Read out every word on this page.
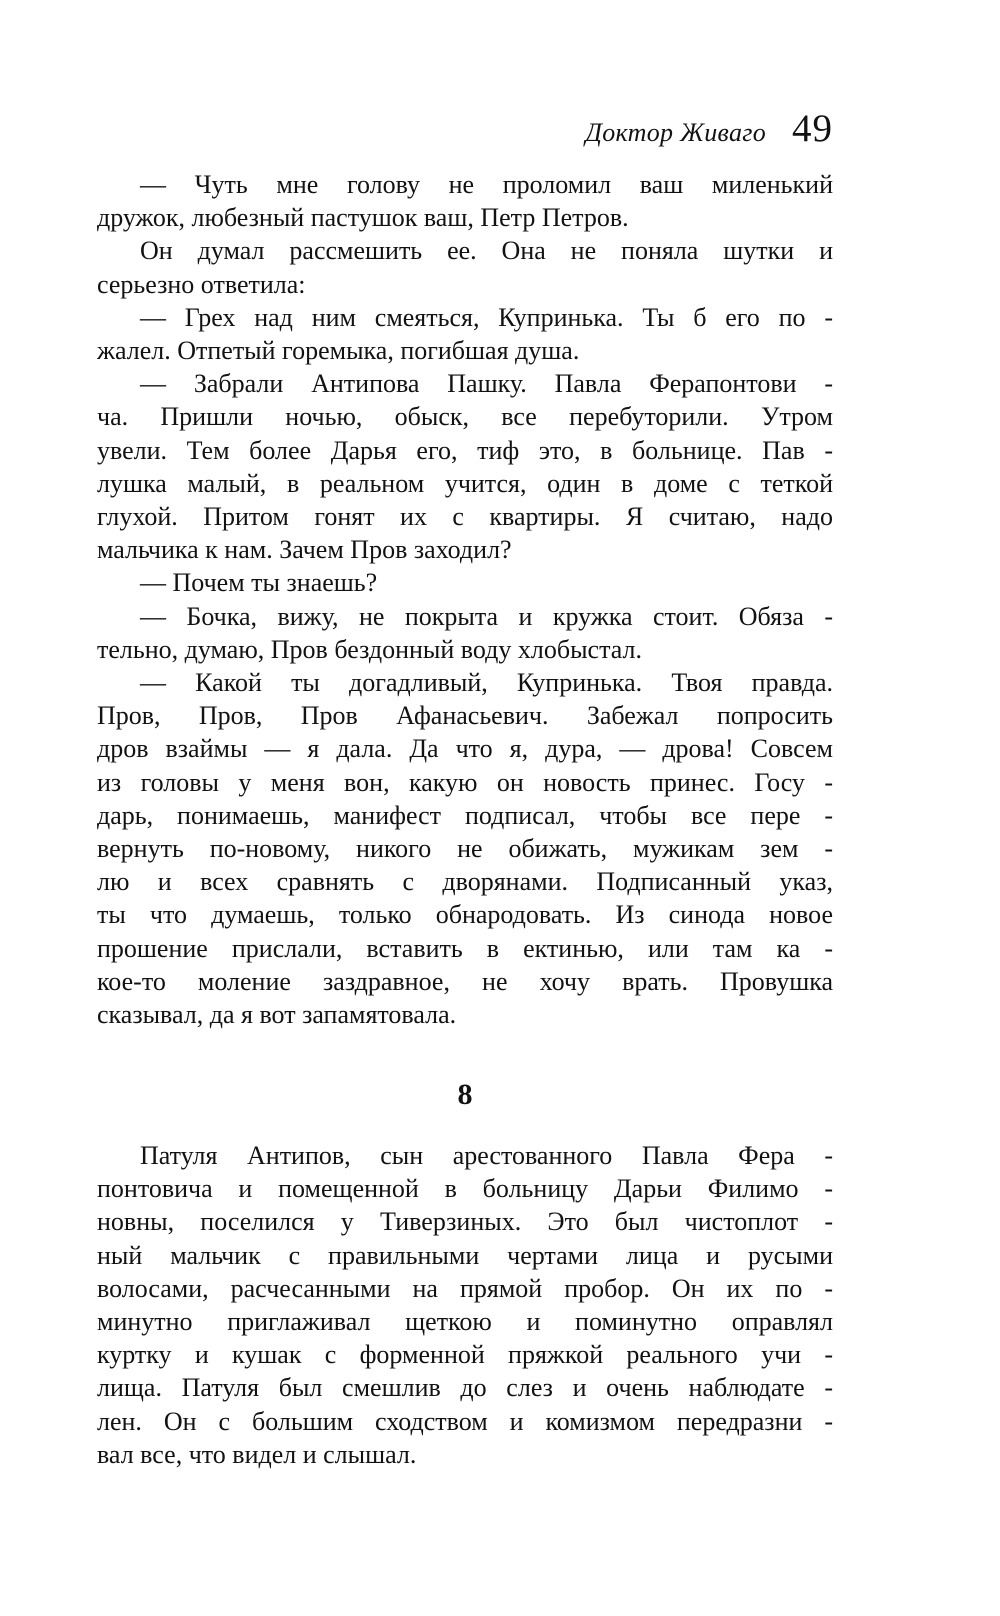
Доктор Живаго 49
— Чуть мне голову не проломил ваш миленький
дружок, любезный пастушок ваш, Петр Петров.
Он думал рассмешить ее. Она не поняла шутки и
серьезно ответила:
— Грех над ним смеяться, Купринька. Ты б его по -
жалел. Отпетый горемыка, погибшая душа.
— Забрали Антипова Пашку. Павла Ферапонтови -
ча. Пришли ночью, обыск, все перебуторили. Утром
увели. Тем более Дарья его, тиф это, в больнице. Пав -
лушка малый, в реальном учится, один в доме с теткой
глухой. Притом гонят их с квартиры. Я считаю, надо
мальчика к нам. Зачем Пров заходил?
— Почем ты знаешь?
— Бочка, вижу, не покрыта и кружка стоит. Обяза -
тельно, думаю, Пров бездонный воду хлобыстал.
— Какой ты догадливый, Купринька. Твоя правда.
Пров, Пров, Пров Афанасьевич. Забежал попросить
дров взаймы — я дала. Да что я, дура, — дрова! Совсем
из головы у меня вон, какую он новость принес. Госу -
дарь, понимаешь, манифест подписал, чтобы все пере -
вернуть по-новому, никого не обижать, мужикам зем -
лю и всех сравнять с дворянами. Подписанный указ,
ты что думаешь, только обнародовать. Из синода новое
прошение прислали, вставить в ектинью, или там ка -
кое-то моление заздравное, не хочу врать. Провушка
сказывал, да я вот запамятовала.
8
Патуля Антипов, сын арестованного Павла Фера -
понтовича и помещенной в больницу Дарьи Филимо -
новны, поселился у Тиверзиных. Это был чистоплот -
ный мальчик с правильными чертами лица и русыми
волосами, расчесанными на прямой пробор. Он их по -
минутно приглаживал щеткою и поминутно оправлял
куртку и кушак с форменной пряжкой реального учи -
лища. Патуля был смешлив до слез и очень наблюдате -
лен. Он с большим сходством и комизмом передразни -
вал все, что видел и слышал.
